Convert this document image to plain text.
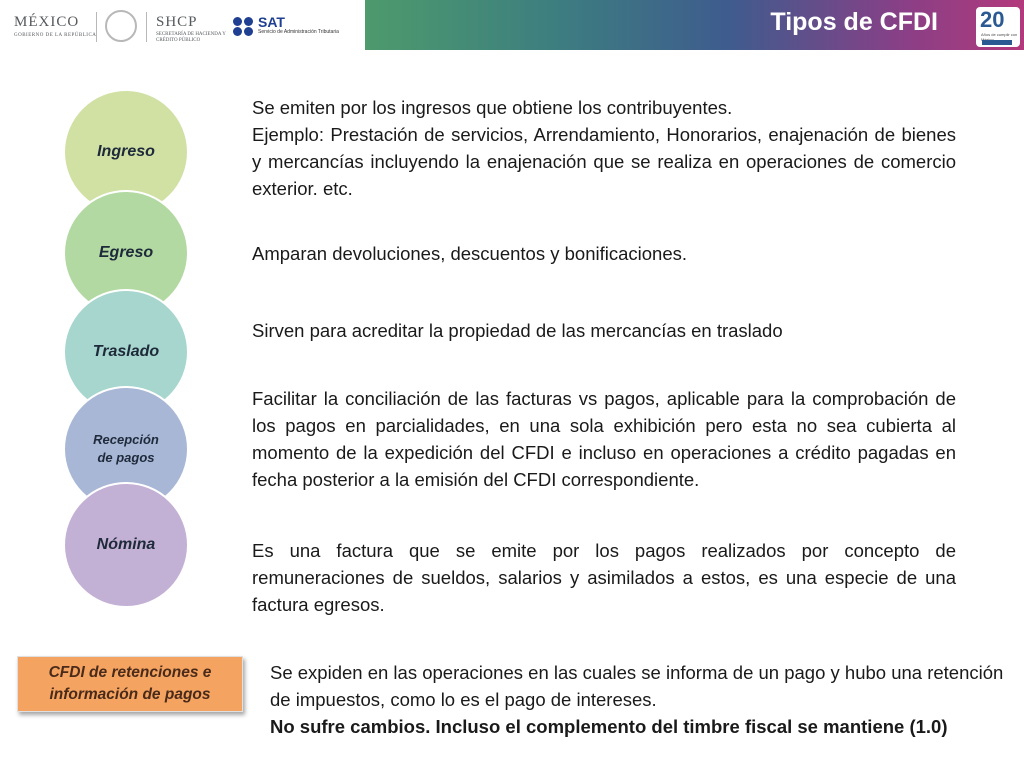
MÉXICO
GOBIERNO DE LA REPÚBLICA
SHCP
SECRETARÍA DE HACIENDA Y CRÉDITO PÚBLICO
SAT
Servicio de Administración Tributaria	Tipos de CFDI 20
Años de cumplir con
Ingreso
Egreso
Traslado
Recepción
de pagos
Nómina

Se emiten por los ingresos que obtiene los contribuyentes.

Ejemplo: Prestación de servicios, Arrendamiento, Honorarios, enajenación de bienes y mercancías incluyendo la enajenación que se realiza en operaciones de comercio exterior. etc.

Amparan devoluciones, descuentos y bonificaciones.

Sirven para acreditar la propiedad de las mercancías en traslado

Facilitar la conciliación de las facturas vs pagos, aplicable para la comprobación de los pagos en parcialidades, en una sola exhibición pero esta no sea cubierta al momento de la expedición del CFDI e incluso en operaciones a crédito pagadas en fecha posterior a la emisión del CFDI correspondiente.

Es una factura que se emite por los pagos realizados por concepto de remuneraciones de sueldos, salarios y asimilados a estos, es una especie de una factura egresos.

CFDI de retenciones e
información de pagos

Se expiden en las operaciones en las cuales se informa de un pago y hubo una retención de impuestos, como lo es el pago de intereses.

No sufre cambios. Incluso el complemento del timbre fiscal se mantiene (1.0)
